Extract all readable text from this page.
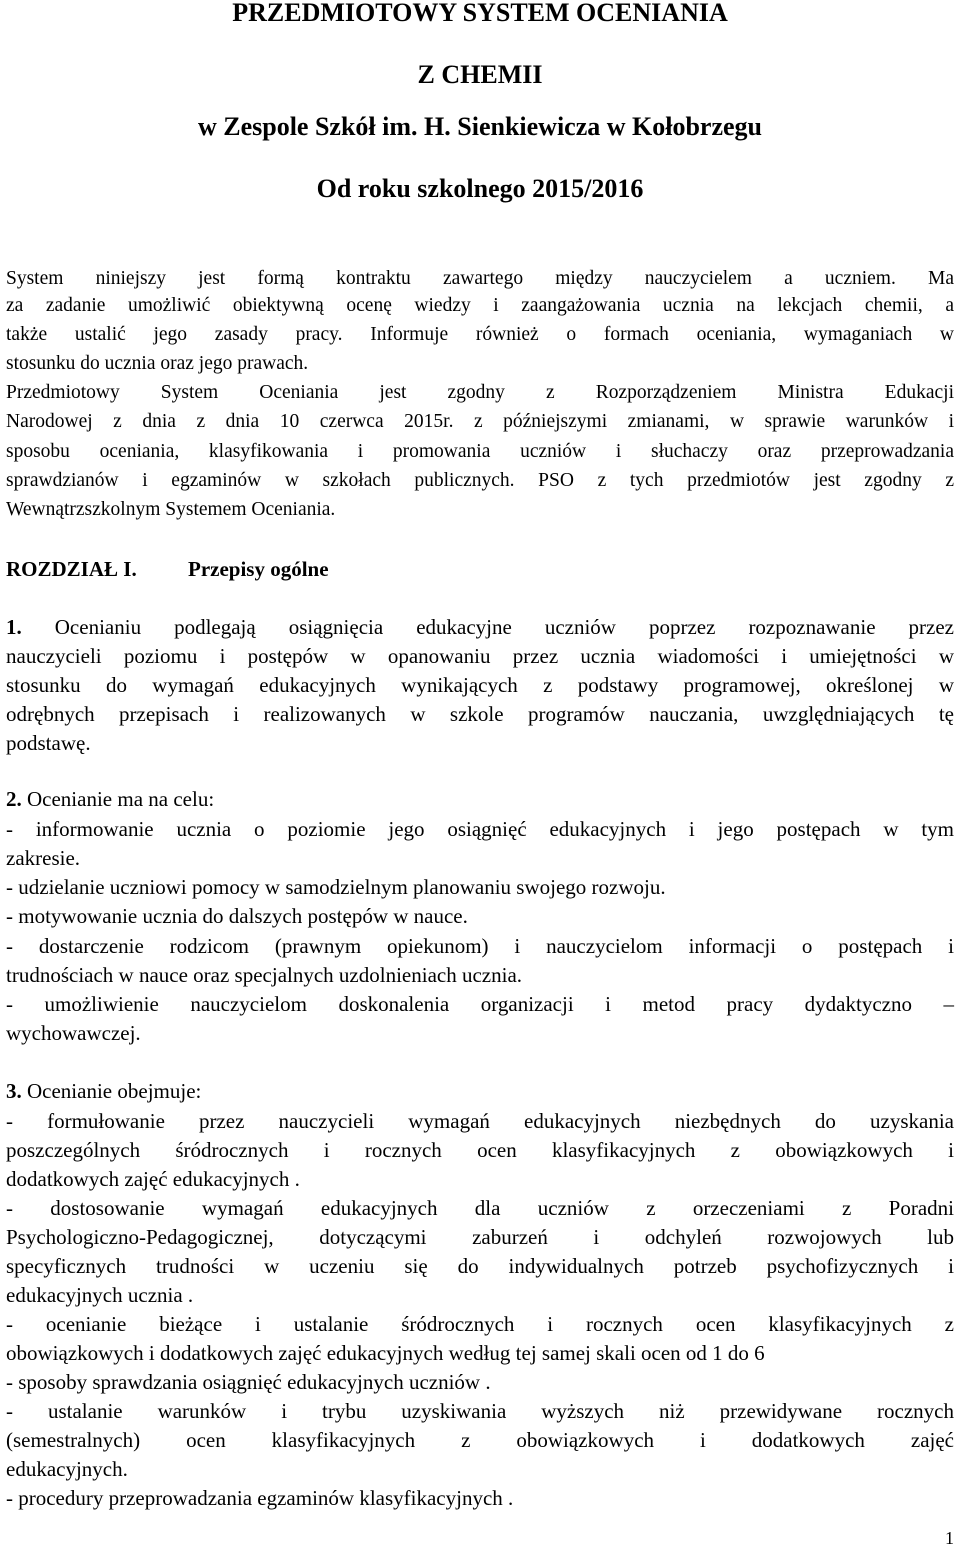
PRZEDMIOTOWY SYSTEM OCENIANIA
Z CHEMII
w Zespole Szkół im. H. Sienkiewicza w Kołobrzegu
Od roku szkolnego 2015/2016
System niniejszy jest formą kontraktu zawartego między nauczycielem a uczniem. Ma
za zadanie umożliwić obiektywną ocenę wiedzy i zaangażowania ucznia na lekcjach chemii, a
także ustalić jego zasady pracy. Informuje również o formach oceniania, wymaganiach w
stosunku do ucznia oraz jego prawach.
Przedmiotowy System Oceniania jest zgodny z Rozporządzeniem Ministra Edukacji
Narodowej z dnia z dnia 10 czerwca 2015r. z późniejszymi zmianami, w sprawie warunków i
sposobu oceniania, klasyfikowania i promowania uczniów i słuchaczy oraz przeprowadzania
sprawdzianów i egzaminów w szkołach publicznych. PSO z tych przedmiotów jest zgodny z
Wewnątrzszkolnym Systemem Oceniania.
ROZDZIAŁ I. Przepisy ogólne
1. Ocenianiu podlegają osiągnięcia edukacyjne uczniów poprzez rozpoznawanie przez
nauczycieli poziomu i postępów w opanowaniu przez ucznia wiadomości i umiejętności w
stosunku do wymagań edukacyjnych wynikających z podstawy programowej, określonej w
odrębnych przepisach i realizowanych w szkole programów nauczania, uwzględniających tę
podstawę.
2. Ocenianie ma na celu:
- informowanie ucznia o poziomie jego osiągnięć edukacyjnych i jego postępach w tym
zakresie.
- udzielanie uczniowi pomocy w samodzielnym planowaniu swojego rozwoju.
- motywowanie ucznia do dalszych postępów w nauce.
- dostarczenie rodzicom (prawnym opiekunom) i nauczycielom informacji o postępach i
trudnościach w nauce oraz specjalnych uzdolnieniach ucznia.
- umożliwienie nauczycielom doskonalenia organizacji i metod pracy dydaktyczno –
wychowawczej.
3. Ocenianie obejmuje:
- formułowanie przez nauczycieli wymagań edukacyjnych niezbędnych do uzyskania
poszczególnych śródrocznych i rocznych ocen klasyfikacyjnych z obowiązkowych i
dodatkowych zajęć edukacyjnych .
- dostosowanie wymagań edukacyjnych dla uczniów z orzeczeniami z Poradni
Psychologiczno-Pedagogicznej, dotyczącymi zaburzeń i odchyleń rozwojowych lub
specyficznych trudności w uczeniu się do indywidualnych potrzeb psychofizycznych i
edukacyjnych ucznia .
- ocenianie bieżące i ustalanie śródrocznych i rocznych ocen klasyfikacyjnych z
obowiązkowych i dodatkowych zajęć edukacyjnych według tej samej skali ocen od 1 do 6
- sposoby sprawdzania osiągnięć edukacyjnych uczniów .
- ustalanie warunków i trybu uzyskiwania wyższych niż przewidywane rocznych
(semestralnych) ocen klasyfikacyjnych z obowiązkowych i dodatkowych zajęć
edukacyjnych.
- procedury przeprowadzania egzaminów klasyfikacyjnych .
1
